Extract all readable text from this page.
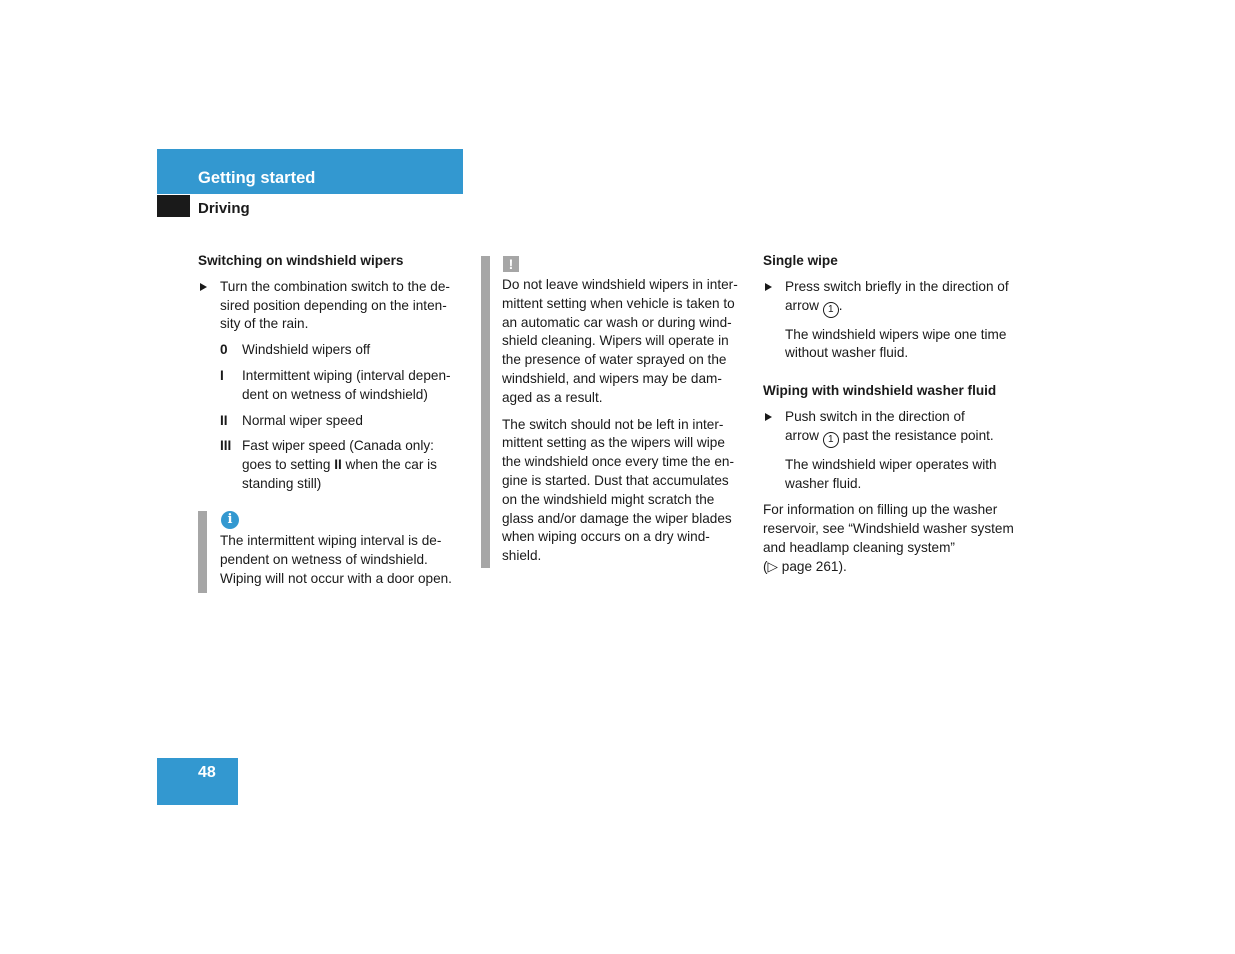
Getting started
Driving

Switching on windshield wipers

Turn the combination switch to the de-
sired position depending on the inten-
sity of the rain.
0 Windshield wipers off
I Intermittent wiping (interval depen-
dent on wetness of windshield)
II Normal wiper speed
III Fast wiper speed (Canada only:
goes to setting II when the car is
standing still)
i
The intermittent wiping interval is de-
pendent on wetness of windshield.
Wiping will not occur with a door open.
!
Do not leave windshield wipers in inter-
mittent setting when vehicle is taken to
an automatic car wash or during wind-
shield cleaning. Wipers will operate in
the presence of water sprayed on the
windshield, and wipers may be dam-
aged as a result.
The switch should not be left in inter-
mittent setting as the wipers will wipe
the windshield once every time the en-
gine is started. Dust that accumulates
on the windshield might scratch the
glass and/or damage the wiper blades
when wiping occurs on a dry wind-
shield.

Single wipe

Press switch briefly in the direction of
arrow 1 .
The windshield wipers wipe one time
without washer fluid.

Wiping with windshield washer fluid

Push switch in the direction of
arrow 1 past the resistance point.
The windshield wiper operates with
washer fluid.
For information on filling up the washer
reservoir, see “Windshield washer system
and headlamp cleaning system”
(▷ page 261).
48
